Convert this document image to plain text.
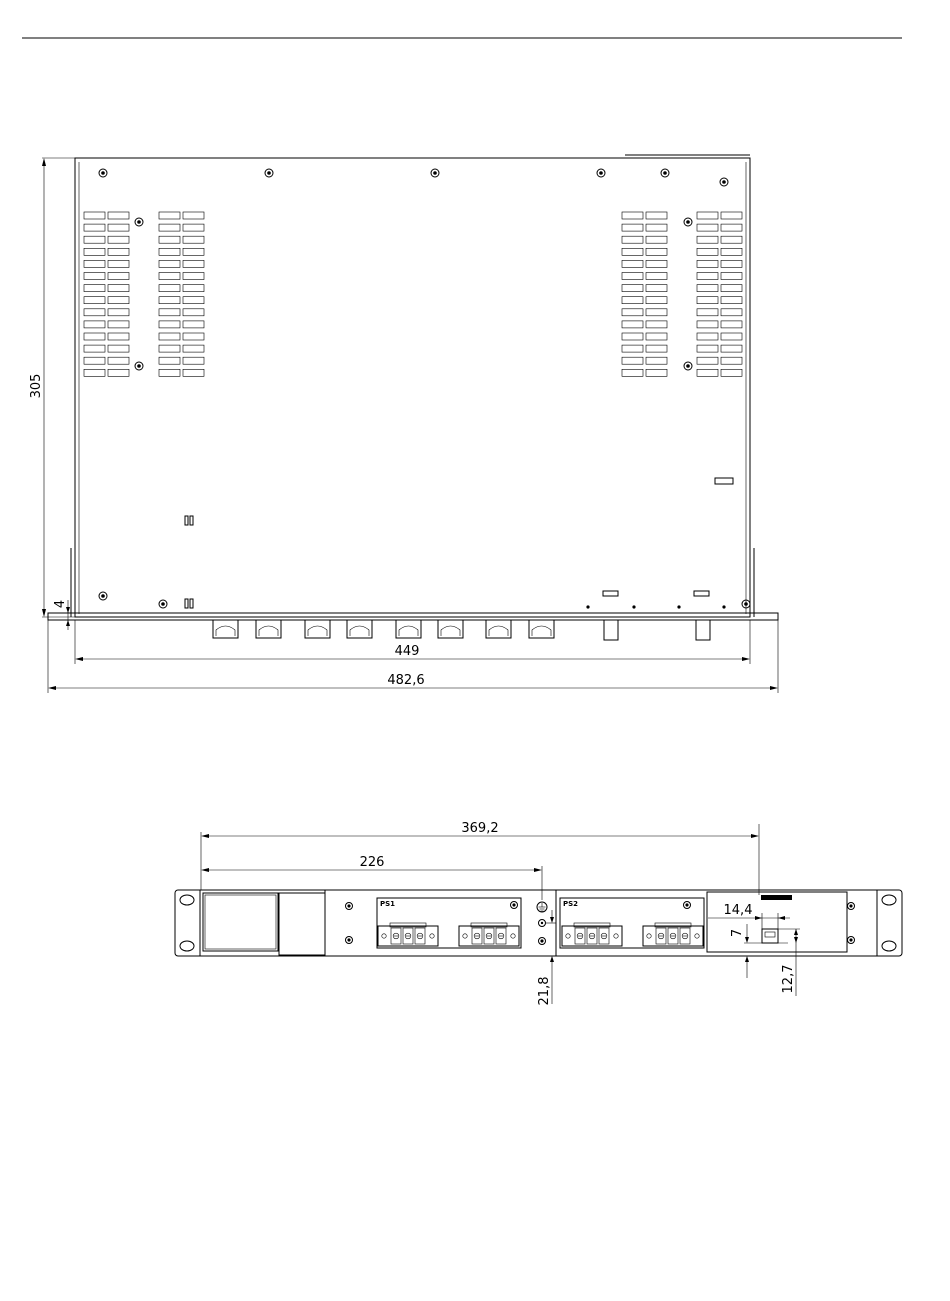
305
4
449
482,6
PS1	PS2
369,2
226
21,8
14,4
7
12,7
